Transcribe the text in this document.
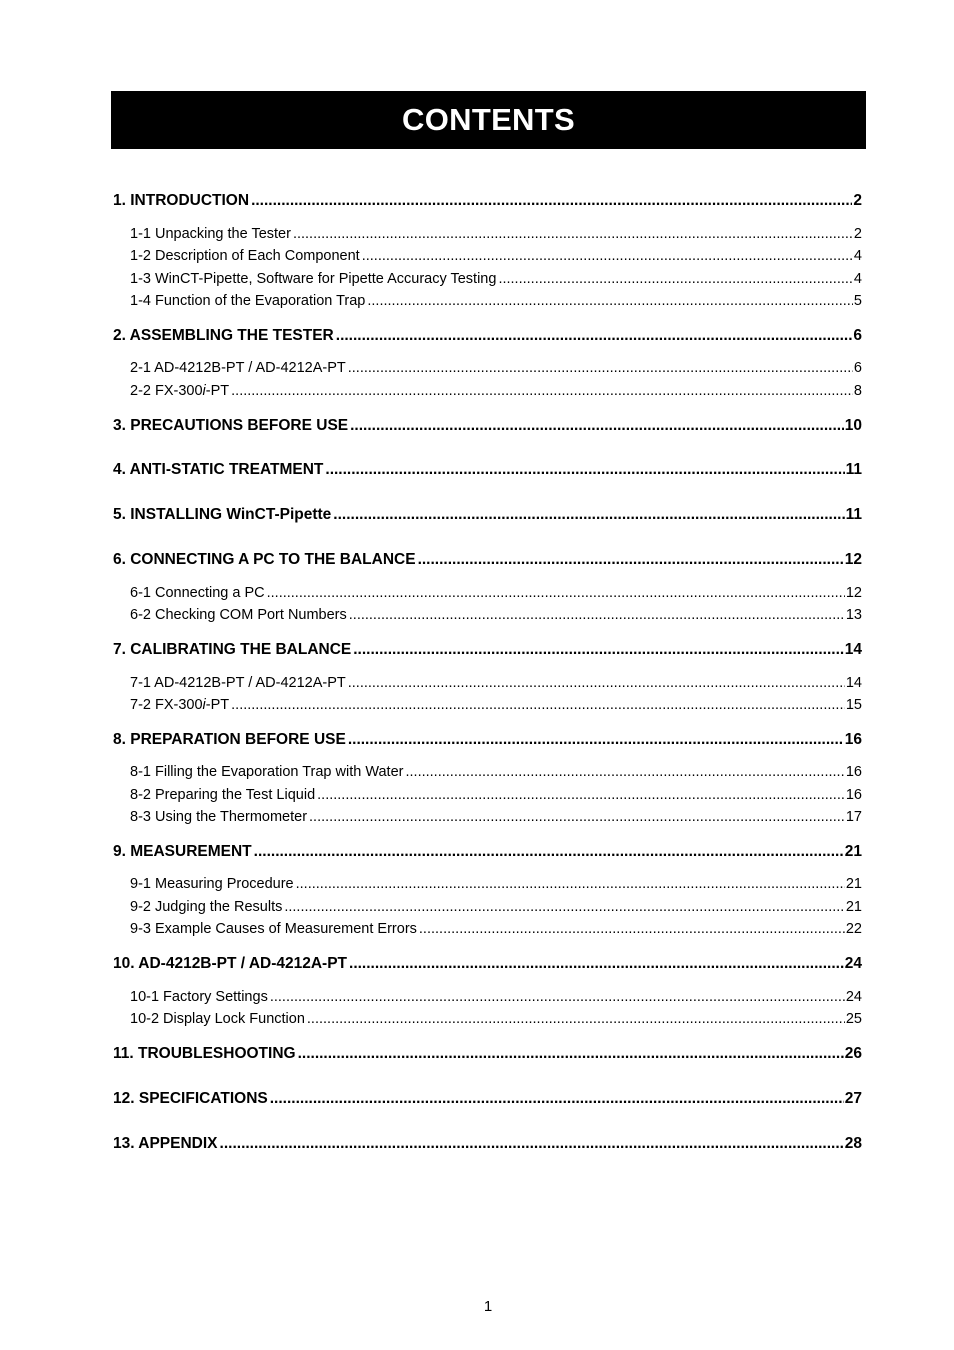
CONTENTS
1. INTRODUCTION .....	2
1-1 Unpacking the Tester .....	2
1-2 Description of Each Component .....	4
1-3 WinCT-Pipette, Software for Pipette Accuracy Testing .....	4
1-4 Function of the Evaporation Trap .....	5
2. ASSEMBLING THE TESTER .....	6
2-1 AD-4212B-PT / AD-4212A-PT .....	6
2-2 FX-300i-PT .....	8
3. PRECAUTIONS BEFORE USE .....	10
4. ANTI-STATIC TREATMENT .....	11
5. INSTALLING WinCT-Pipette .....	11
6. CONNECTING A PC TO THE BALANCE .....	12
6-1 Connecting a PC .....	12
6-2 Checking COM Port Numbers .....	13
7. CALIBRATING THE BALANCE .....	14
7-1 AD-4212B-PT / AD-4212A-PT .....	14
7-2 FX-300i-PT .....	15
8. PREPARATION BEFORE USE .....	16
8-1 Filling the Evaporation Trap with Water .....	16
8-2 Preparing the Test Liquid .....	16
8-3 Using the Thermometer .....	17
9. MEASUREMENT .....	21
9-1 Measuring Procedure .....	21
9-2 Judging the Results .....	21
9-3 Example Causes of Measurement Errors .....	22
10. AD-4212B-PT / AD-4212A-PT .....	24
10-1 Factory Settings .....	24
10-2 Display Lock Function .....	25
11. TROUBLESHOOTING .....	26
12. SPECIFICATIONS .....	27
13. APPENDIX .....	28
1
